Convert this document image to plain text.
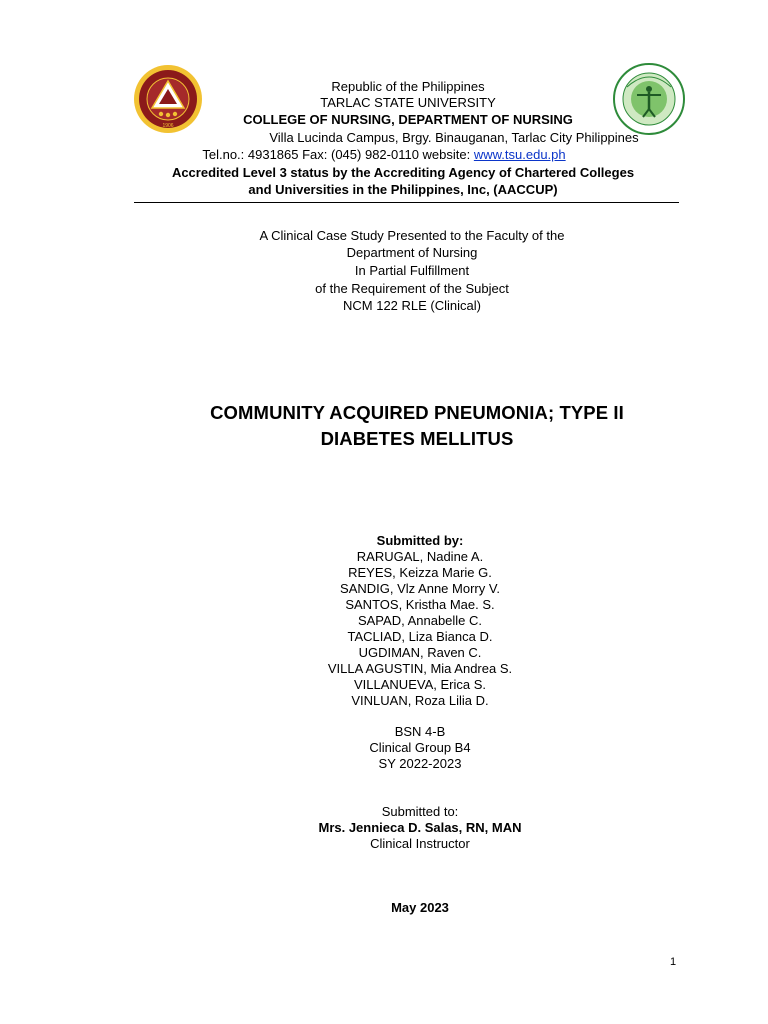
1906
Republic of the Philippines
TARLAC STATE UNIVERSITY
COLLEGE OF NURSING, DEPARTMENT OF NURSING
Villa Lucinda Campus, Brgy. Binauganan, Tarlac City Philippines
Tel.no.: 4931865 Fax: (045) 982-0110 website: www.tsu.edu.ph
Accredited Level 3 status by the Accrediting Agency of Chartered Colleges
and Universities in the Philippines, Inc, (AACCUP)
A Clinical Case Study Presented to the Faculty of the
Department of Nursing
In Partial Fulfillment
of the Requirement of the Subject
NCM 122 RLE (Clinical)
COMMUNITY ACQUIRED PNEUMONIA; TYPE II
DIABETES MELLITUS
Submitted by:
RARUGAL, Nadine A.
REYES, Keizza Marie G.
SANDIG, Vlz Anne Morry V.
SANTOS, Kristha Mae. S.
SAPAD, Annabelle C.
TACLIAD, Liza Bianca D.
UGDIMAN, Raven C.
VILLA AGUSTIN, Mia Andrea S.
VILLANUEVA, Erica S.
VINLUAN, Roza Lilia D.
BSN 4-B
Clinical Group B4
SY 2022-2023
Submitted to:
Mrs. Jennieca D. Salas, RN, MAN
Clinical Instructor
May 2023
1
